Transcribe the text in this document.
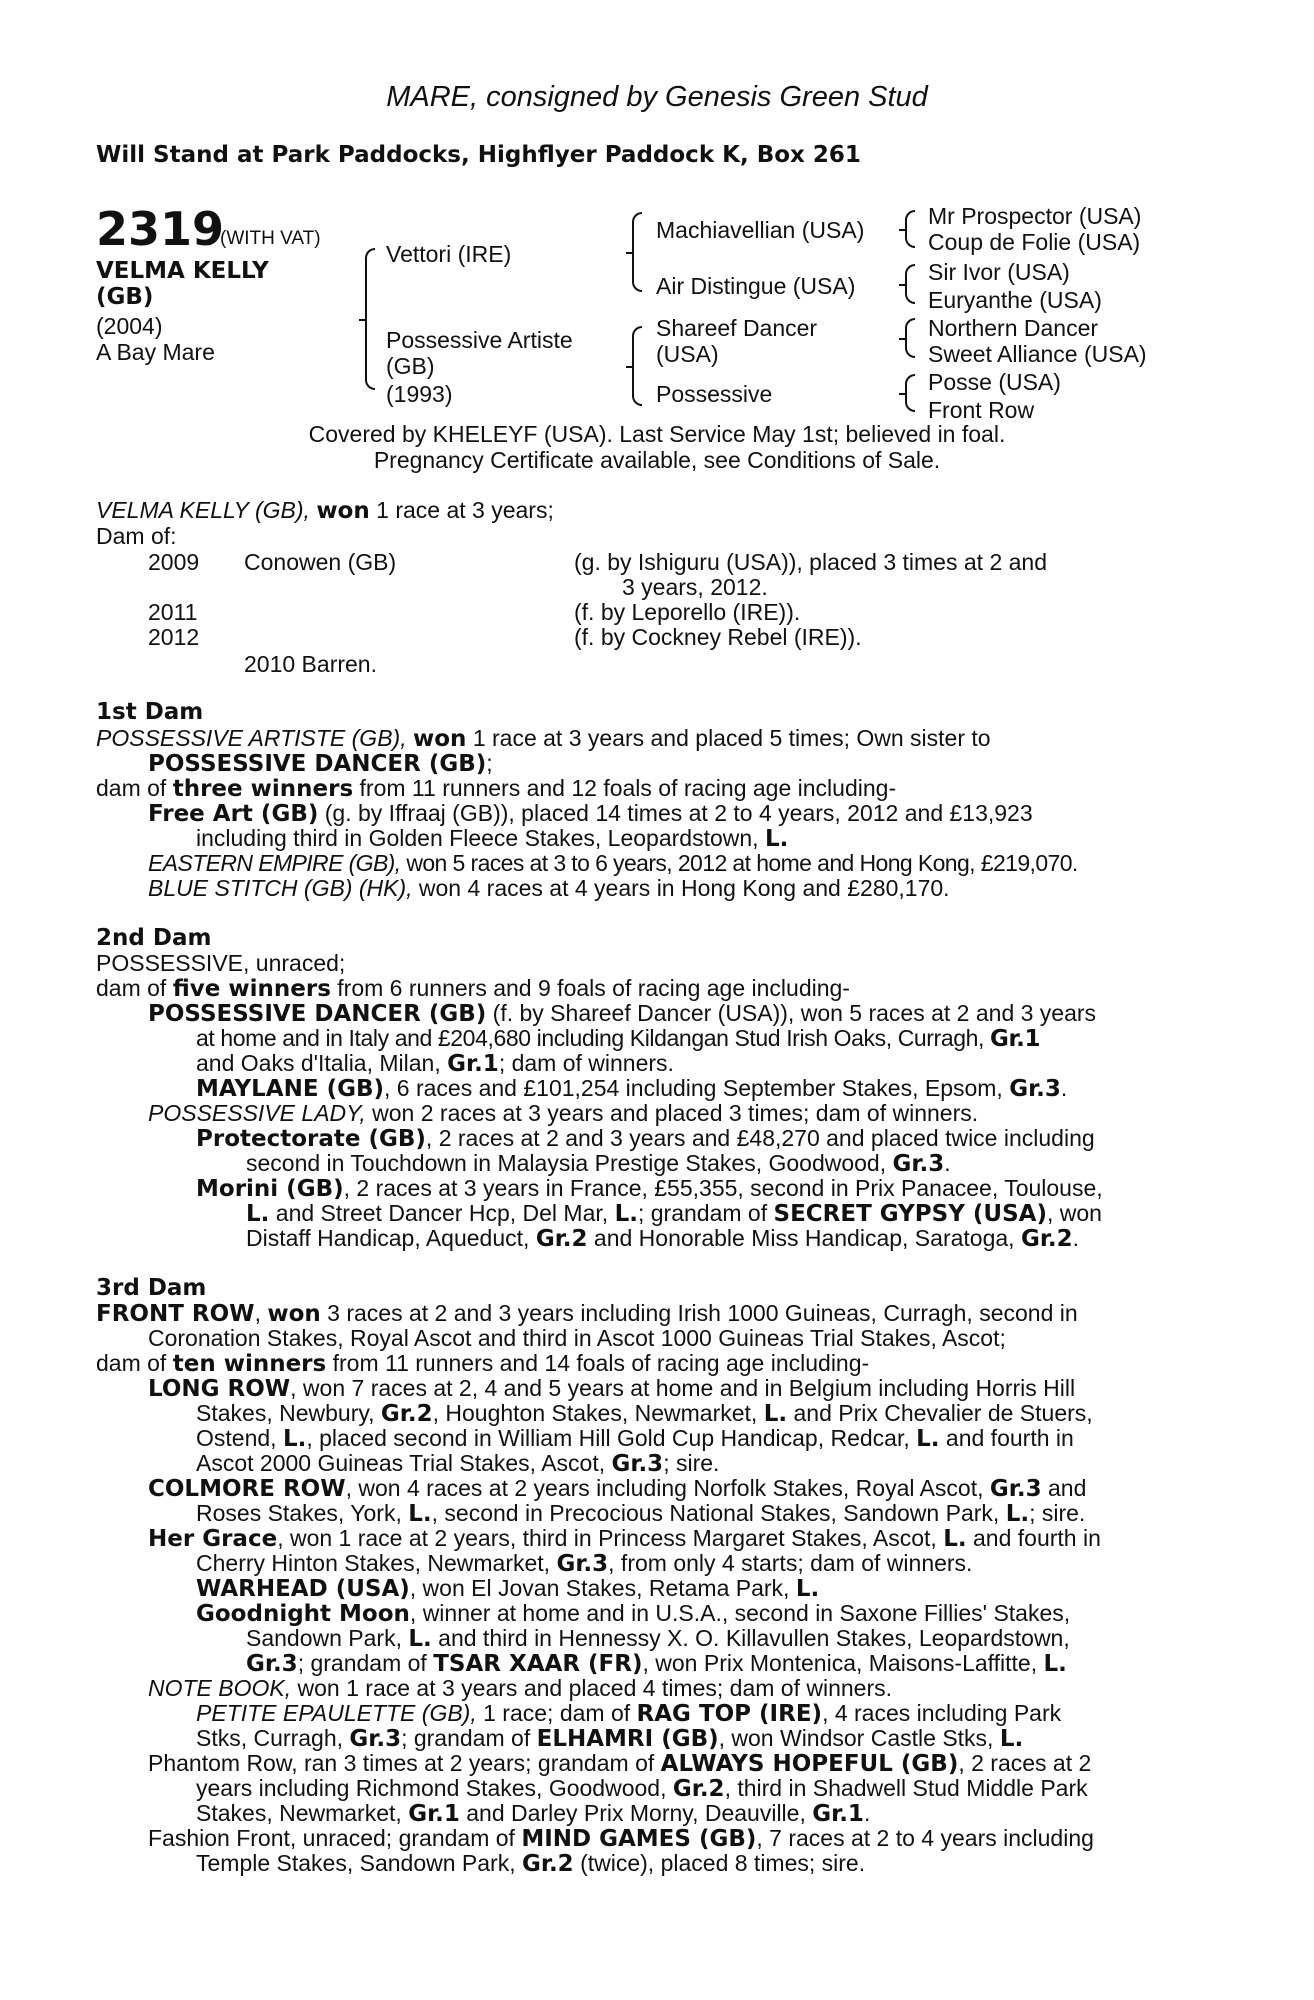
MARE, consigned by Genesis Green Stud
Will Stand at Park Paddocks, Highflyer Paddock K, Box 261
2319
(WITH VAT)
VELMA KELLY
(GB)
(2004)
A Bay Mare
Vettori (IRE)
Possessive Artiste
(GB)
(1993)
Machiavellian (USA)
Air Distingue (USA)
Shareef Dancer
(USA)
Possessive
Mr Prospector (USA)
Coup de Folie (USA)
Sir Ivor (USA)
Euryanthe (USA)
Northern Dancer
Sweet Alliance (USA)
Posse (USA)
Front Row
Covered by KHELEYF (USA). Last Service May 1st; believed in foal.
Pregnancy Certificate available, see Conditions of Sale.
VELMA KELLY (GB), won 1 race at 3 years;
Dam of:
2009 Conowen (GB)	(g. by Ishiguru (USA)), placed 3 times at 2 and
3 years, 2012.
2011	(f. by Leporello (IRE)).
2012	(f. by Cockney Rebel (IRE)).
2010 Barren.
1st Dam
POSSESSIVE ARTISTE (GB), won 1 race at 3 years and placed 5 times; Own sister to
POSSESSIVE DANCER (GB);
dam of three winners from 11 runners and 12 foals of racing age including-
Free Art (GB) (g. by Iffraaj (GB)), placed 14 times at 2 to 4 years, 2012 and £13,923
including third in Golden Fleece Stakes, Leopardstown, L.
EASTERN EMPIRE (GB), won 5 races at 3 to 6 years, 2012 at home and Hong Kong, £219,070.
BLUE STITCH (GB) (HK), won 4 races at 4 years in Hong Kong and £280,170.
2nd Dam
POSSESSIVE, unraced;
dam of five winners from 6 runners and 9 foals of racing age including-
POSSESSIVE DANCER (GB) (f. by Shareef Dancer (USA)), won 5 races at 2 and 3 years
at home and in Italy and £204,680 including Kildangan Stud Irish Oaks, Curragh, Gr.1
and Oaks d'Italia, Milan, Gr.1; dam of winners.
MAYLANE (GB), 6 races and £101,254 including September Stakes, Epsom, Gr.3.
POSSESSIVE LADY, won 2 races at 3 years and placed 3 times; dam of winners.
Protectorate (GB), 2 races at 2 and 3 years and £48,270 and placed twice including
second in Touchdown in Malaysia Prestige Stakes, Goodwood, Gr.3.
Morini (GB), 2 races at 3 years in France, £55,355, second in Prix Panacee, Toulouse,
L. and Street Dancer Hcp, Del Mar, L.; grandam of SECRET GYPSY (USA), won
Distaff Handicap, Aqueduct, Gr.2 and Honorable Miss Handicap, Saratoga, Gr.2.
3rd Dam
FRONT ROW, won 3 races at 2 and 3 years including Irish 1000 Guineas, Curragh, second in
Coronation Stakes, Royal Ascot and third in Ascot 1000 Guineas Trial Stakes, Ascot;
dam of ten winners from 11 runners and 14 foals of racing age including-
LONG ROW, won 7 races at 2, 4 and 5 years at home and in Belgium including Horris Hill
Stakes, Newbury, Gr.2, Houghton Stakes, Newmarket, L. and Prix Chevalier de Stuers,
Ostend, L., placed second in William Hill Gold Cup Handicap, Redcar, L. and fourth in
Ascot 2000 Guineas Trial Stakes, Ascot, Gr.3; sire.
COLMORE ROW, won 4 races at 2 years including Norfolk Stakes, Royal Ascot, Gr.3 and
Roses Stakes, York, L., second in Precocious National Stakes, Sandown Park, L.; sire.
Her Grace, won 1 race at 2 years, third in Princess Margaret Stakes, Ascot, L. and fourth in
Cherry Hinton Stakes, Newmarket, Gr.3, from only 4 starts; dam of winners.
WARHEAD (USA), won El Jovan Stakes, Retama Park, L.
Goodnight Moon, winner at home and in U.S.A., second in Saxone Fillies' Stakes,
Sandown Park, L. and third in Hennessy X. O. Killavullen Stakes, Leopardstown,
Gr.3; grandam of TSAR XAAR (FR), won Prix Montenica, Maisons-Laffitte, L.
NOTE BOOK, won 1 race at 3 years and placed 4 times; dam of winners.
PETITE EPAULETTE (GB), 1 race; dam of RAG TOP (IRE), 4 races including Park
Stks, Curragh, Gr.3; grandam of ELHAMRI (GB), won Windsor Castle Stks, L.
Phantom Row, ran 3 times at 2 years; grandam of ALWAYS HOPEFUL (GB), 2 races at 2
years including Richmond Stakes, Goodwood, Gr.2, third in Shadwell Stud Middle Park
Stakes, Newmarket, Gr.1 and Darley Prix Morny, Deauville, Gr.1.
Fashion Front, unraced; grandam of MIND GAMES (GB), 7 races at 2 to 4 years including
Temple Stakes, Sandown Park, Gr.2 (twice), placed 8 times; sire.
